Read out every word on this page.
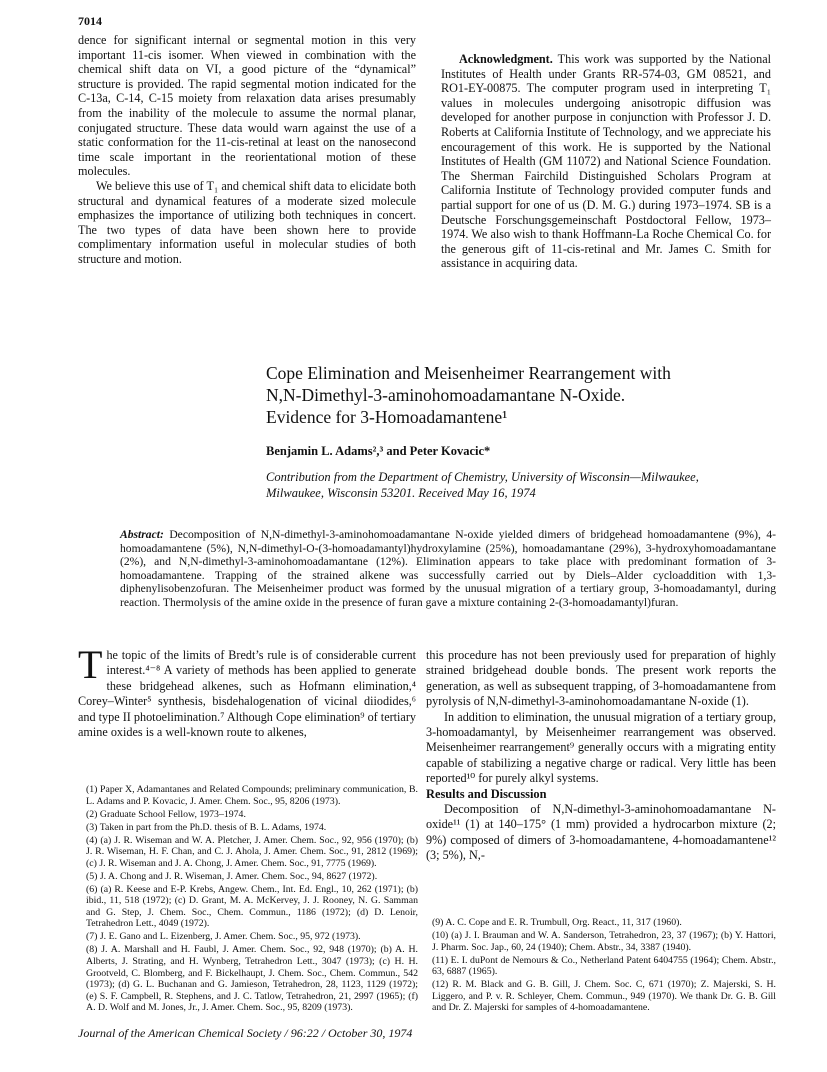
7014

dence for significant internal or segmental motion in this very important 11-cis isomer. When viewed in combination with the chemical shift data on VI, a good picture of the “dynamical” structure is provided. The rapid segmental motion indicated for the C-13a, C-14, C-15 moiety from relaxation data arises presumably from the inability of the molecule to assume the normal planar, conjugated structure. These data would warn against the use of a static conformation for the 11-cis-retinal at least on the nanosecond time scale important in the reorientational motion of these molecules.

We believe this use of T₁ and chemical shift data to elicidate both structural and dynamical features of a moderate sized molecule emphasizes the importance of utilizing both techniques in concert. The two types of data have been shown here to provide complimentary information useful in molecular studies of both structure and motion.

Acknowledgment. This work was supported by the National Institutes of Health under Grants RR-574-03, GM 08521, and RO1-EY-00875. The computer program used in interpreting T₁ values in molecules undergoing anisotropic diffusion was developed for another purpose in conjunction with Professor J. D. Roberts at California Institute of Technology, and we appreciate his encouragement of this work. He is supported by the National Institutes of Health (GM 11072) and National Science Foundation. The Sherman Fairchild Distinguished Scholars Program at California Institute of Technology provided computer funds and partial support for one of us (D. M. G.) during 1973–1974. SB is a Deutsche Forschungsgemeinschaft Postdoctoral Fellow, 1973–1974. We also wish to thank Hoffmann-La Roche Chemical Co. for the generous gift of 11-cis-retinal and Mr. James C. Smith for assistance in acquiring data.

Cope Elimination and Meisenheimer Rearrangement with
N,N-Dimethyl-3-aminohomoadamantane N-Oxide.
Evidence for 3-Homoadamantene¹
Benjamin L. Adams²,³ and Peter Kovacic*
Contribution from the Department of Chemistry, University of Wisconsin—Milwaukee,
Milwaukee, Wisconsin 53201. Received May 16, 1974
Abstract: Decomposition of N,N-dimethyl-3-aminohomoadamantane N-oxide yielded dimers of bridgehead homoadamantene (9%), 4-homoadamantene (5%), N,N-dimethyl-O-(3-homoadamantyl)hydroxylamine (25%), homoadamantane (29%), 3-hydroxyhomoadamantane (2%), and N,N-dimethyl-3-aminohomoadamantane (12%). Elimination appears to take place with predominant formation of 3-homoadamantene. Trapping of the strained alkene was successfully carried out by Diels–Alder cycloaddition with 1,3-diphenylisobenzofuran. The Meisenheimer product was formed by the unusual migration of a tertiary group, 3-homoadamantyl, during reaction. Thermolysis of the amine oxide in the presence of furan gave a mixture containing 2-(3-homoadamantyl)furan.

The topic of the limits of Bredt’s rule is of considerable current interest.⁴⁻⁸ A variety of methods has been applied to generate these bridgehead alkenes, such as Hofmann elimination,⁴ Corey–Winter⁵ synthesis, bisdehalogenation of vicinal diiodides,⁶ and type II photoelimination.⁷ Although Cope elimination⁹ of tertiary amine oxides is a well-known route to alkenes,

(1) Paper X, Adamantanes and Related Compounds; preliminary communication, B. L. Adams and P. Kovacic, J. Amer. Chem. Soc., 95, 8206 (1973).

(2) Graduate School Fellow, 1973–1974.

(3) Taken in part from the Ph.D. thesis of B. L. Adams, 1974.

(4) (a) J. R. Wiseman and W. A. Pletcher, J. Amer. Chem. Soc., 92, 956 (1970); (b) J. R. Wiseman, H. F. Chan, and C. J. Ahola, J. Amer. Chem. Soc., 91, 2812 (1969); (c) J. R. Wiseman and J. A. Chong, J. Amer. Chem. Soc., 91, 7775 (1969).

(5) J. A. Chong and J. R. Wiseman, J. Amer. Chem. Soc., 94, 8627 (1972).

(6) (a) R. Keese and E-P. Krebs, Angew. Chem., Int. Ed. Engl., 10, 262 (1971); (b) ibid., 11, 518 (1972); (c) D. Grant, M. A. McKervey, J. J. Rooney, N. G. Samman and G. Step, J. Chem. Soc., Chem. Commun., 1186 (1972); (d) D. Lenoir, Tetrahedron Lett., 4049 (1972).

(7) J. E. Gano and L. Eizenberg, J. Amer. Chem. Soc., 95, 972 (1973).

(8) J. A. Marshall and H. Faubl, J. Amer. Chem. Soc., 92, 948 (1970); (b) A. H. Alberts, J. Strating, and H. Wynberg, Tetrahedron Lett., 3047 (1973); (c) H. H. Grootveld, C. Blomberg, and F. Bickelhaupt, J. Chem. Soc., Chem. Commun., 542 (1973); (d) G. L. Buchanan and G. Jamieson, Tetrahedron, 28, 1123, 1129 (1972); (e) S. F. Campbell, R. Stephens, and J. C. Tatlow, Tetrahedron, 21, 2997 (1965); (f) A. D. Wolf and M. Jones, Jr., J. Amer. Chem. Soc., 95, 8209 (1973).

this procedure has not been previously used for preparation of highly strained bridgehead double bonds. The present work reports the generation, as well as subsequent trapping, of 3-homoadamantene from pyrolysis of N,N-dimethyl-3-aminohomoadamantane N-oxide (1).

In addition to elimination, the unusual migration of a tertiary group, 3-homoadamantyl, by Meisenheimer rearrangement was observed. Meisenheimer rearrangement⁹ generally occurs with a migrating entity capable of stabilizing a negative charge or radical. Very little has been reported¹⁰ for purely alkyl systems.

Results and Discussion

Decomposition of N,N-dimethyl-3-aminohomoadamantane N-oxide¹¹ (1) at 140–175° (1 mm) provided a hydrocarbon mixture (2; 9%) composed of dimers of 3-homoadamantene, 4-homoadamantene¹² (3; 5%), N,-

(9) A. C. Cope and E. R. Trumbull, Org. React., 11, 317 (1960).

(10) (a) J. I. Brauman and W. A. Sanderson, Tetrahedron, 23, 37 (1967); (b) Y. Hattori, J. Pharm. Soc. Jap., 60, 24 (1940); Chem. Abstr., 34, 3387 (1940).

(11) E. I. duPont de Nemours & Co., Netherland Patent 6404755 (1964); Chem. Abstr., 63, 6887 (1965).

(12) R. M. Black and G. B. Gill, J. Chem. Soc. C, 671 (1970); Z. Majerski, S. H. Liggero, and P. v. R. Schleyer, Chem. Commun., 949 (1970). We thank Dr. G. B. Gill and Dr. Z. Majerski for samples of 4-homoadamantene.

Journal of the American Chemical Society / 96:22 / October 30, 1974
